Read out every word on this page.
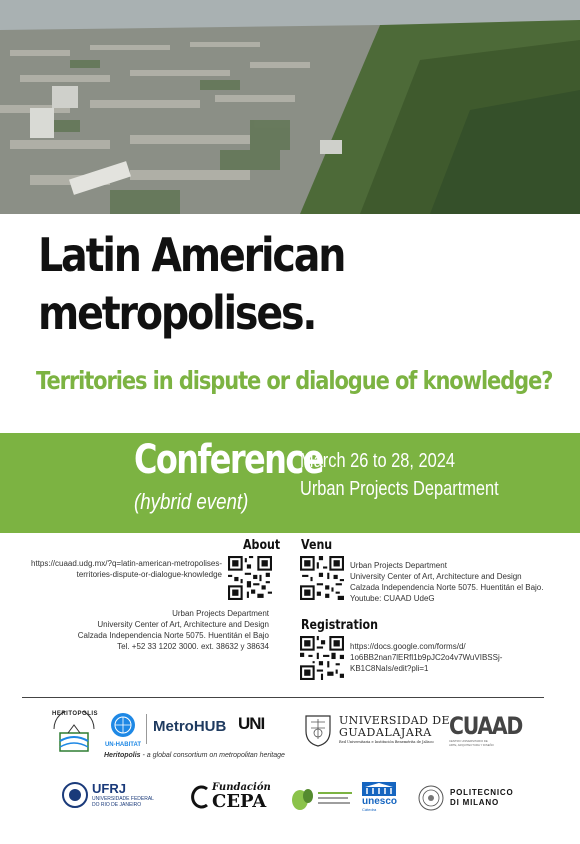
Latin American
metropolises.
Territories in dispute or dialogue of knowledge?
Conference
(hybrid event)
March 26 to 28, 2024
Urban Projects Department
About
https://cuaad.udg.mx/?q=latin-american-metropolises-
territories-dispute-or-dialogue-knowledge
Urban Projects Department
University Center of Art, Architecture and Design
Calzada Independencia Norte 5075. Huentitán el Bajo
Tel. +52 33 1202 3000. ext. 38632 y 38634
Venu
Urban Projects Department
University Center of Art, Architecture and Design
Calzada Independencia Norte 5075. Huentitán el Bajo.
Youtube: CUAAD UdeG
Registration
https://docs.google.com/forms/d/
1o6BB2nan7lERfl1b9pJC2o4v7WuVIBSSj-
KB1C8NaIs/edit?pli=1
HERITOPOLIS
UN-HABITAT
MetroHUB UNI
Heritopolis - a global consortium on metropolitan heritage
UNIVERSIDAD DE
GUADALAJARA
Red Universitaria e Institución Benemérita de Jalisco
CUAAD
CENTRO UNIVERSITARIO DE ARTE, ARQUITECTURA Y DISEÑO
UFRJ
UNIVERSIDADE FEDERAL
DO RIO DE JANEIRO
Fundación
CEPA	unesco
Cátedra
POLITECNICO
DI MILANO
